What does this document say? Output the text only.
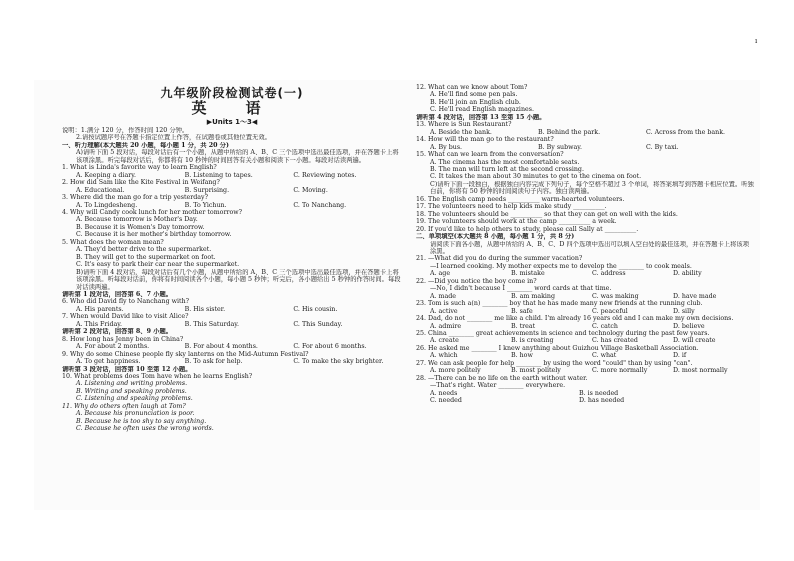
ı
九年级阶段检测试卷(一)
英　语
▶Units 1～3◀

说明：1.满分 120 分，作答时间 120 分钟。

2.请按试题序号在答题卡指定位置上作答，在试题卷或其他位置无效。

一、听力理解(本大题共 20 小题，每小题 1 分，共 20 分)

A)请听下面 5 段对话，每段对话后有一个小题，从题中所给的 A、B、C 三个选项中选出最佳选项，并在答题卡上将该项涂黑。听完每段对话后，你都将有 10 秒钟的时间回答有关小题和阅读下一小题。每段对话读两遍。

1. What is Linda's favorite way to learn English?

A. Keeping a diary.	B. Listening to tapes.	C. Reviewing notes.

2. How did Sam like the Kite Festival in Weifang?

A. Educational.	B. Surprising.	C. Moving.

3. Where did the man go for a trip yesterday?

A. To Lingdesheng.	B. To Yichun.	C. To Nanchang.

4. Why will Candy cook lunch for her mother tomorrow?

A. Because tomorrow is Mother's Day.

B. Because it is Women's Day tomorrow.

C. Because it is her mother's birthday tomorrow.

5. What does the woman mean?

A. They'd better drive to the supermarket.

B. They will get to the supermarket on foot.

C. It's easy to park their car near the supermarket.

B)请听下面 4 段对话，每段对话后有几个小题，从题中所给的 A、B、C 三个选项中选出最佳选项，并在答题卡上将该项涂黑。听每段对话前，你将有时间阅读各个小题，每小题 5 秒钟；听完后，各小题给出 5 秒钟的作答时间。每段对话读两遍。

请听第 1 段对话，回答第 6、7 小题。

6. Who did David fly to Nanchang with?

A. His parents.	B. His sister.	C. His cousin.

7. When would David like to visit Alice?

A. This Friday.	B. This Saturday.	C. This Sunday.

请听第 2 段对话，回答第 8、9 小题。

8. How long has Jenny been in China?

A. For about 2 months.	B. For about 4 months.	C. For about 6 months.

9. Why do some Chinese people fly sky lanterns on the Mid-Autumn Festival?

A. To get happiness.	B. To ask for help.	C. To make the sky brighter.

请听第 3 段对话，回答第 10 至第 12 小题。

10. What problems does Tom have when he learns English?

A. Listening and writing problems.

B. Writing and speaking problems.

C. Listening and speaking problems.

11. Why do others often laugh at Tom?

A. Because his pronunciation is poor.

B. Because he is too shy to say anything.

C. Because he often uses the wrong words.

12. What can we know about Tom?

A. He'll find some pen pals.

B. He'll join an English club.

C. He'll read English magazines.

请听第 4 段对话，回答第 13 至第 15 小题。

13. Where is Sun Restaurant?

A. Beside the bank.	B. Behind the park.	C. Across from the bank.

14. How will the man go to the restaurant?

A. By bus.	B. By subway.	C. By taxi.

15. What can we learn from the conversation?

A. The cinema has the most comfortable seats.

B. The man will turn left at the second crossing.

C. It takes the man about 30 minutes to get to the cinema on foot.

C)请听下面一段独白，根据独白内容完成下列句子，每个空格不超过 3 个单词，将答案填写到答题卡相应位置。听独白前，你将有 50 秒钟的时间阅读句子内容。独白读两遍。

16. The English camp needs __________ warm-hearted volunteers.

17. The volunteers need to help kids make study __________.

18. The volunteers should be __________ so that they can get on well with the kids.

19. The volunteers should work at the camp __________ a week.

20. If you'd like to help others to study, please call Sally at __________.

二、单项填空(本大题共 8 小题，每小题 1 分，共 8 分)

请阅读下面各小题，从题中所给的 A、B、C、D 四个选项中选出可以填入空白处的最佳选项，并在答题卡上将该项涂黑。

21. —What did you do during the summer vacation?

—I learned cooking. My mother expects me to develop the ________ to cook meals.

A. age	B. mistake	C. address	D. ability

22. —Did you notice the boy come in?

—No, I didn't because I ________ word cards at that time.

A. made	B. am making	C. was making	D. have made

23. Tom is such a(n) ________ boy that he has made many new friends at the running club.

A. active	B. safe	C. peaceful	D. silly

24. Dad, do not ________ me like a child. I'm already 16 years old and I can make my own decisions.

A. admire	B. treat	C. catch	D. believe

25. China ________ great achievements in science and technology during the past few years.

A. create	B. is creating	C. has created	D. will create

26. He asked me ________ I knew anything about Guizhou Village Basketball Association.

A. which	B. how	C. what	D. if

27. We can ask people for help ________ by using the word "could" than by using "can".

A. more politely	B. most politely	C. more normally	D. most normally

28. —There can be no life on the earth without water.

—That's right. Water ________ everywhere.

A. needs	B. is needed
C. needed	D. has needed
